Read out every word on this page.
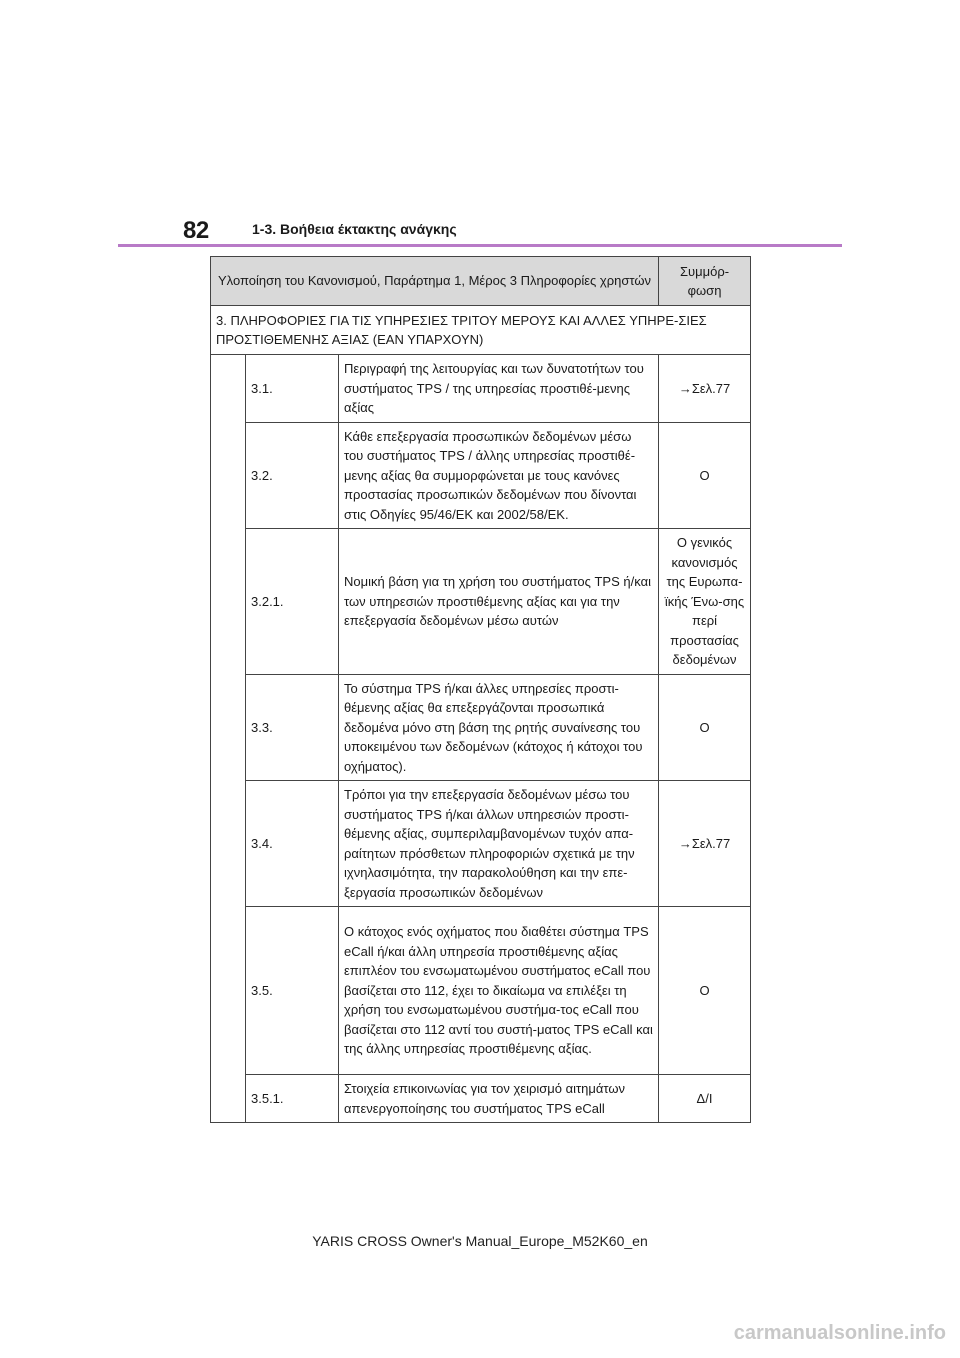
82	1-3. Βοήθεια έκτακτης ανάγκης
Υλοποίηση του Κανονισμού, Παράρτημα 1, Μέρος 3 Πληροφορίες χρηστών			Συμμόρ-φωση
3. ΠΛΗΡΟΦΟΡΙΕΣ ΓΙΑ ΤΙΣ ΥΠΗΡΕΣΙΕΣ ΤΡΙΤΟΥ ΜΕΡΟΥΣ ΚΑΙ ΑΛΛΕΣ ΥΠΗΡΕ-ΣΙΕΣ ΠΡΟΣΤΙΘΕΜΕΝΗΣ ΑΞΙΑΣ (ΕΑΝ ΥΠΑΡΧΟΥΝ)			
	3.1.	Περιγραφή της λειτουργίας και των δυνατοτήτων του συστήματος TPS / της υπηρεσίας προστιθέ-μενης αξίας	→Σελ.77
	3.2.	Κάθε επεξεργασία προσωπικών δεδομένων μέσω του συστήματος TPS / άλλης υπηρεσίας προστιθέ-μενης αξίας θα συμμορφώνεται με τους κανόνες προστασίας προσωπικών δεδομένων που δίνονται στις Οδηγίες 95/46/ΕΚ και 2002/58/ΕΚ.	O
	3.2.1.	Νομική βάση για τη χρήση του συστήματος TPS ή/και των υπηρεσιών προστιθέμενης αξίας και για την επεξεργασία δεδομένων μέσω αυτών	Ο γενικός κανονισμός της Ευρωπα-ϊκής Ένω-σης περί προστασίας δεδομένων
	3.3.	Το σύστημα TPS ή/και άλλες υπηρεσίες προστι-θέμενης αξίας θα επεξεργάζονται προσωπικά δεδομένα μόνο στη βάση της ρητής συναίνεσης του υποκειμένου των δεδομένων (κάτοχος ή κάτοχοι του οχήματος).	O
	3.4.	Τρόποι για την επεξεργασία δεδομένων μέσω του συστήματος TPS ή/και άλλων υπηρεσιών προστι-θέμενης αξίας, συμπεριλαμβανομένων τυχόν απα-ραίτητων πρόσθετων πληροφοριών σχετικά με την ιχνηλασιμότητα, την παρακολούθηση και την επε-ξεργασία προσωπικών δεδομένων	→Σελ.77
	3.5.	Ο κάτοχος ενός οχήματος που διαθέτει σύστημα TPS eCall ή/και άλλη υπηρεσία προστιθέμενης αξίας επιπλέον του ενσωματωμένου συστήματος eCall που βασίζεται στο 112, έχει το δικαίωμα να επιλέξει τη χρήση του ενσωματωμένου συστήμα-τος eCall που βασίζεται στο 112 αντί του συστή-ματος TPS eCall και της άλλης υπηρεσίας προστιθέμενης αξίας.	O
	3.5.1.	Στοιχεία επικοινωνίας για τον χειρισμό αιτημάτων απενεργοποίησης του συστήματος TPS eCall	Δ/Ι
YARIS CROSS Owner's Manual_Europe_M52K60_en
carmanualsonline.info
